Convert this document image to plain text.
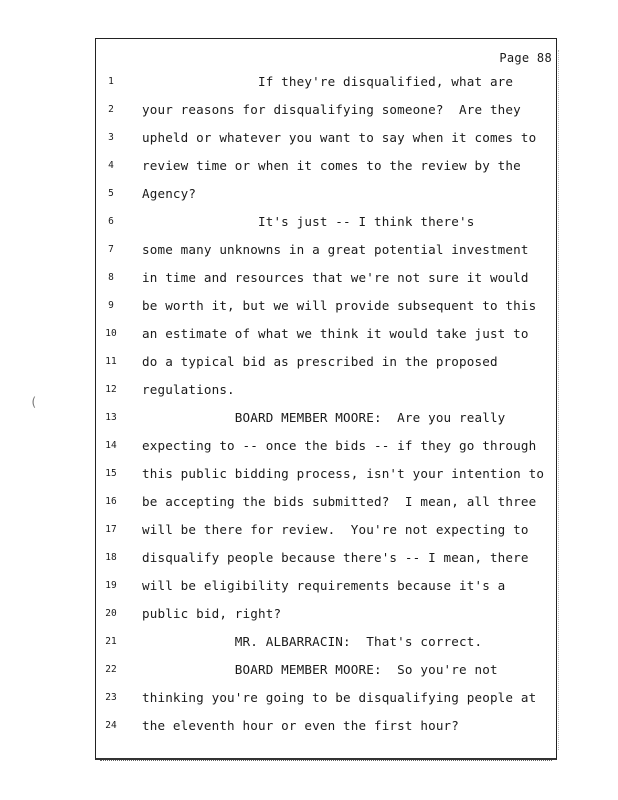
Page 88
1	If they're disqualified, what are
2	your reasons for disqualifying someone?  Are they
3	upheld or whatever you want to say when it comes to
4	review time or when it comes to the review by the
5	Agency?
6	It's just -- I think there's
7	some many unknowns in a great potential investment
8	in time and resources that we're not sure it would
9	be worth it, but we will provide subsequent to this
10	an estimate of what we think it would take just to
11	do a typical bid as prescribed in the proposed
12	regulations.
13	BOARD MEMBER MOORE:  Are you really
14	expecting to -- once the bids -- if they go through
15	this public bidding process, isn't your intention to
16	be accepting the bids submitted?  I mean, all three
17	will be there for review.  You're not expecting to
18	disqualify people because there's -- I mean, there
19	will be eligibility requirements because it's a
20	public bid, right?
21	MR. ALBARRACIN:  That's correct.
22	BOARD MEMBER MOORE:  So you're not
23	thinking you're going to be disqualifying people at
24	the eleventh hour or even the first hour?
(
